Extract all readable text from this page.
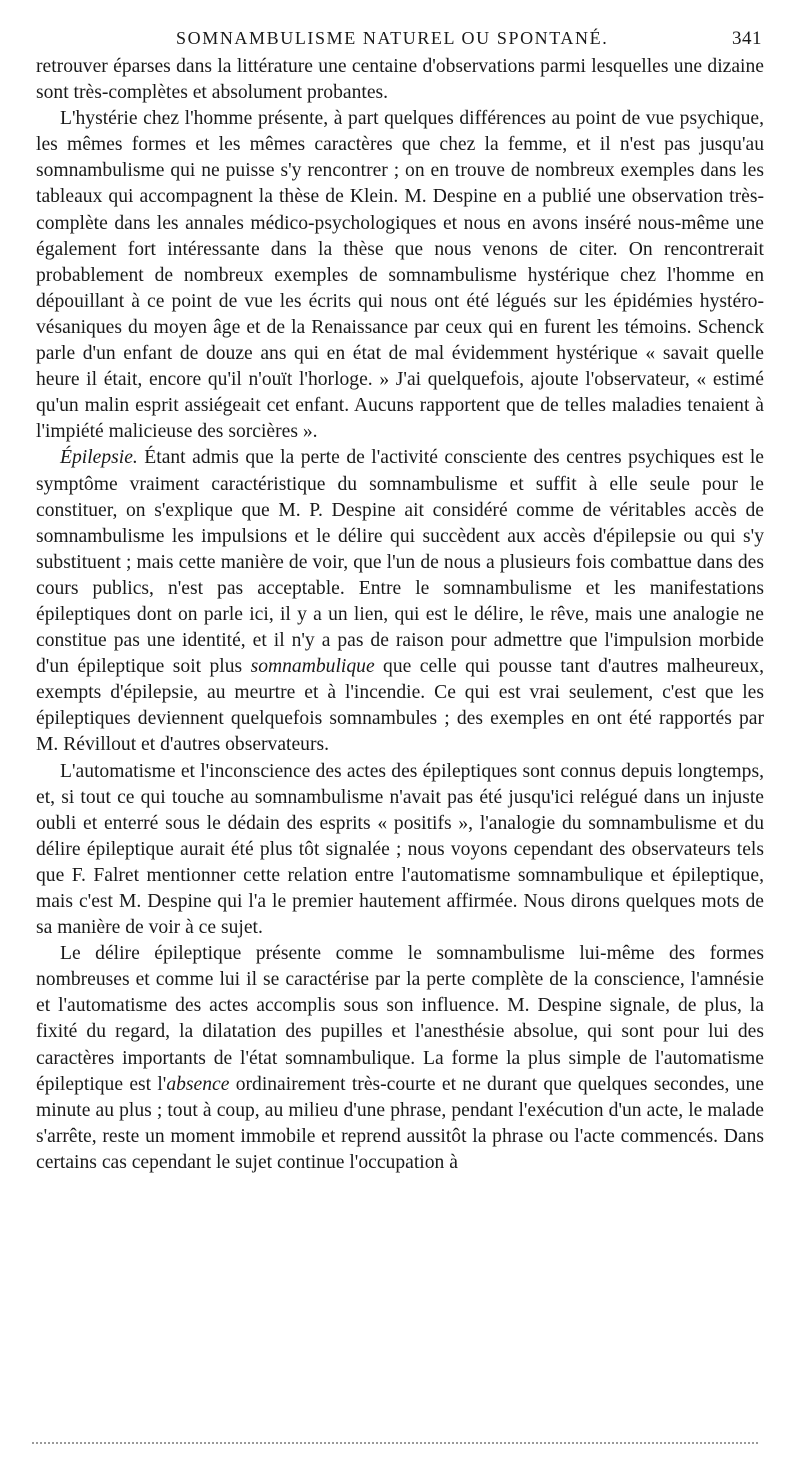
SOMNAMBULISME NATUREL OU SPONTANÉ.	341

retrouver éparses dans la littérature une centaine d'observations parmi lesquelles une dizaine sont très-complètes et absolument probantes.

L'hystérie chez l'homme présente, à part quelques différences au point de vue psychique, les mêmes formes et les mêmes caractères que chez la femme, et il n'est pas jusqu'au somnambulisme qui ne puisse s'y rencontrer ; on en trouve de nombreux exemples dans les tableaux qui accompagnent la thèse de Klein. M. Despine en a publié une observation très-complète dans les annales médico-psychologiques et nous en avons inséré nous-même une également fort intéressante dans la thèse que nous venons de citer. On rencontrerait probablement de nombreux exemples de somnambulisme hystérique chez l'homme en dépouillant à ce point de vue les écrits qui nous ont été légués sur les épidémies hystéro-vésaniques du moyen âge et de la Renaissance par ceux qui en furent les témoins. Schenck parle d'un enfant de douze ans qui en état de mal évidemment hystérique « savait quelle heure il était, encore qu'il n'ouït l'horloge. » J'ai quelquefois, ajoute l'observateur, « estimé qu'un malin esprit assiégeait cet enfant. Aucuns rapportent que de telles maladies tenaient à l'impiété malicieuse des sorcières ».

Épilepsie. Étant admis que la perte de l'activité consciente des centres psychiques est le symptôme vraiment caractéristique du somnambulisme et suffit à elle seule pour le constituer, on s'explique que M. P. Despine ait considéré comme de véritables accès de somnambulisme les impulsions et le délire qui succèdent aux accès d'épilepsie ou qui s'y substituent ; mais cette manière de voir, que l'un de nous a plusieurs fois combattue dans des cours publics, n'est pas acceptable. Entre le somnambulisme et les manifestations épileptiques dont on parle ici, il y a un lien, qui est le délire, le rêve, mais une analogie ne constitue pas une identité, et il n'y a pas de raison pour admettre que l'impulsion morbide d'un épileptique soit plus somnambulique que celle qui pousse tant d'autres malheureux, exempts d'épilepsie, au meurtre et à l'incendie. Ce qui est vrai seulement, c'est que les épileptiques deviennent quelquefois somnambules ; des exemples en ont été rapportés par M. Révillout et d'autres observateurs.

L'automatisme et l'inconscience des actes des épileptiques sont connus depuis longtemps, et, si tout ce qui touche au somnambulisme n'avait pas été jusqu'ici relégué dans un injuste oubli et enterré sous le dédain des esprits « positifs », l'analogie du somnambulisme et du délire épileptique aurait été plus tôt signalée ; nous voyons cependant des observateurs tels que F. Falret mentionner cette relation entre l'automatisme somnambulique et épileptique, mais c'est M. Despine qui l'a le premier hautement affirmée. Nous dirons quelques mots de sa manière de voir à ce sujet.

Le délire épileptique présente comme le somnambulisme lui-même des formes nombreuses et comme lui il se caractérise par la perte complète de la conscience, l'amnésie et l'automatisme des actes accomplis sous son influence. M. Despine signale, de plus, la fixité du regard, la dilatation des pupilles et l'anesthésie absolue, qui sont pour lui des caractères importants de l'état somnambulique. La forme la plus simple de l'automatisme épileptique est l'absence ordinairement très-courte et ne durant que quelques secondes, une minute au plus ; tout à coup, au milieu d'une phrase, pendant l'exécution d'un acte, le malade s'arrête, reste un moment immobile et reprend aussitôt la phrase ou l'acte commencés. Dans certains cas cependant le sujet continue l'occupation à
